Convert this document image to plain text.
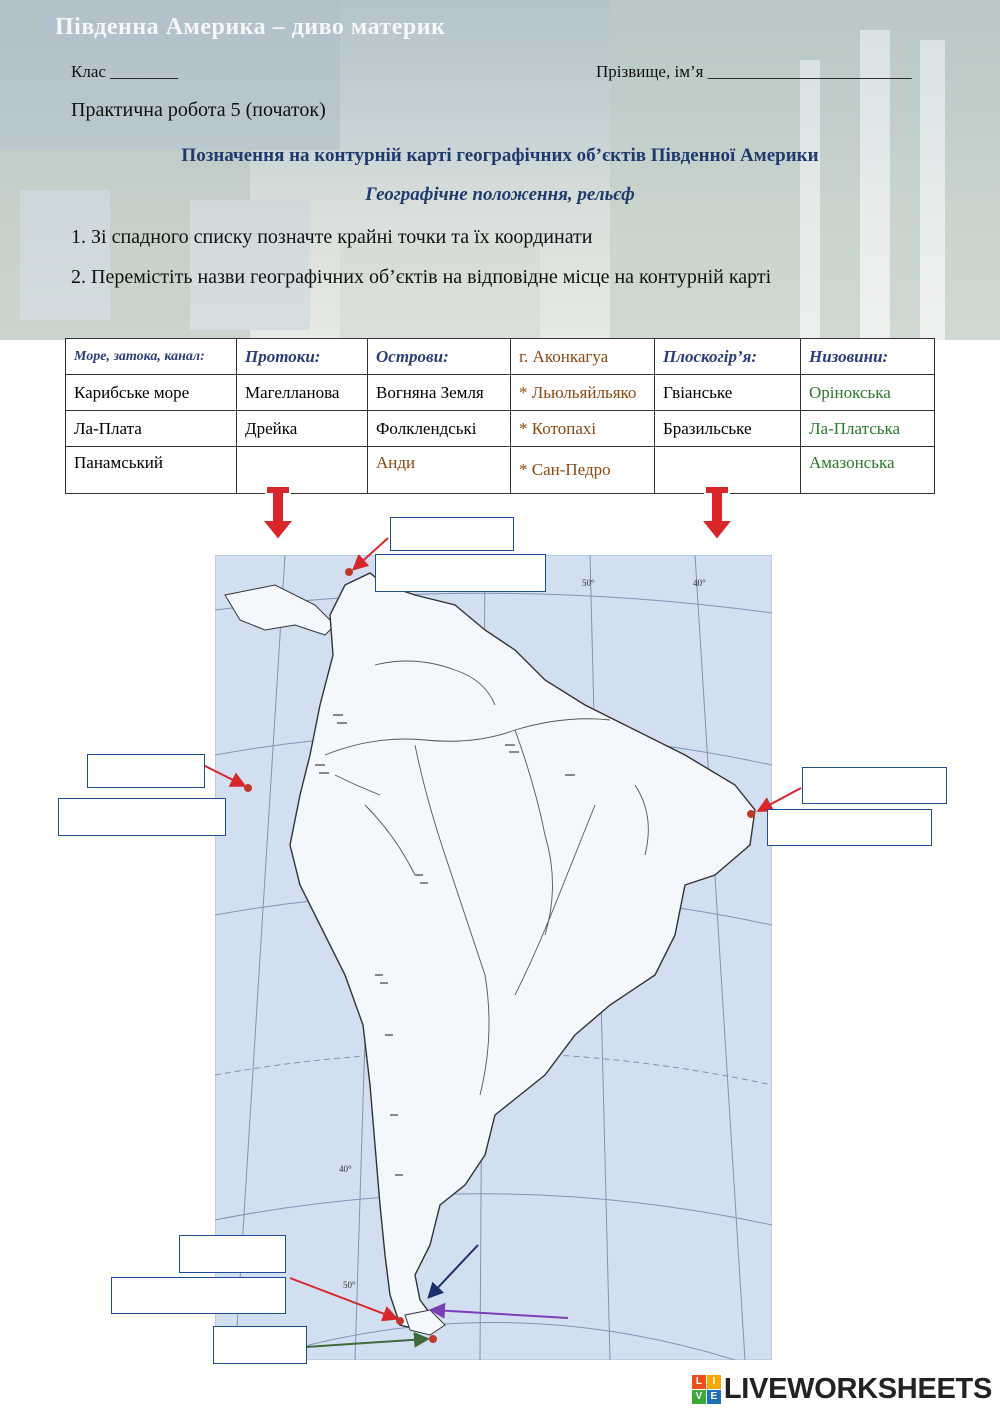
Південна Америка – диво материк
Клас ________	Прізвище, ім’я ________________________
Практична робота 5 (початок)
Позначення на контурній карті географічних об’єктів Південної Америки
Географічне положення, рельєф
1. Зі спадного списку позначте крайні точки та їх координати
2. Перемістіть назви географічних об’єктів на відповідне місце на контурній карті
Море, затока, канал:	Протоки:	Острови:	г. Аконкагуа	Плоскогір’я:	Низовини:
Карибське море	Магелланова	Вогняна Земля	* Льюльяйльяко	Гвіанське	Орінокська
Ла-Плата	Дрейка	Фолклендські	* Котопахі	Бразильське	Ла-Платська
Панамський		Анди	* Сан-Педро		Амазонська
50°	40°
40°
50°
L	I
V E LIVEWORKSHEETS
